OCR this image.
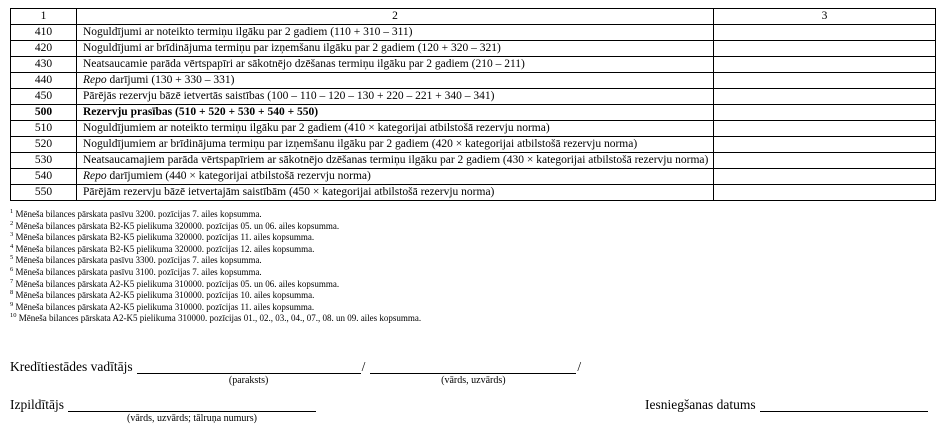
1	2	3
410	Noguldījumi ar noteikto termiņu ilgāku par 2 gadiem (110 + 310 – 311)	
420	Noguldījumi ar brīdinājuma termiņu par izņemšanu ilgāku par 2 gadiem (120 + 320 – 321)	
430	Neatsaucamie parāda vērtspapīri ar sākotnējo dzēšanas termiņu ilgāku par 2 gadiem (210 – 211)	
440	Repo darījumi (130 + 330 – 331)	
450	Pārējās rezervju bāzē ietvertās saistības (100 – 110 – 120 – 130 + 220 – 221 + 340 – 341)	
500	Rezervju prasības (510 + 520 + 530 + 540 + 550)	
510	Noguldījumiem ar noteikto termiņu ilgāku par 2 gadiem (410 × kategorijai atbilstošā rezervju norma)	
520	Noguldījumiem ar brīdinājuma termiņu par izņemšanu ilgāku par 2 gadiem (420 × kategorijai atbilstošā rezervju norma)	
530	Neatsaucamajiem parāda vērtspapīriem ar sākotnējo dzēšanas termiņu ilgāku par 2 gadiem (430 × kategorijai atbilstošā rezervju norma)	
540	Repo darījumiem (440 × kategorijai atbilstošā rezervju norma)	
550	Pārējām rezervju bāzē ietvertajām saistībām (450 × kategorijai atbilstošā rezervju norma)	
$^1$ Mēneša bilances pārskata pasīvu 3200. pozīcijas 7. ailes kopsumma.
$^2$ Mēneša bilances pārskata B2-K5 pielikuma 320000. pozīcijas 05. un 06. ailes kopsumma.
$^3$ Mēneša bilances pārskata B2-K5 pielikuma 320000. pozīcijas 11. ailes kopsumma.
$^4$ Mēneša bilances pārskata B2-K5 pielikuma 320000. pozīcijas 12. ailes kopsumma.
$^5$ Mēneša bilances pārskata pasīvu 3300. pozīcijas 7. ailes kopsumma.
$^6$ Mēneša bilances pārskata pasīvu 3100. pozīcijas 7. ailes kopsumma.
$^7$ Mēneša bilances pārskata A2-K5 pielikuma 310000. pozīcijas 05. un 06. ailes kopsumma.
$^8$ Mēneša bilances pārskata A2-K5 pielikuma 310000. pozīcijas 10. ailes kopsumma.
$^9$ Mēneša bilances pārskata A2-K5 pielikuma 310000. pozīcijas 11. ailes kopsumma.
$^{10}$ Mēneša bilances pārskata A2-K5 pielikuma 310000. pozīcijas 01., 02., 03., 04., 07., 08. un 09. ailes kopsumma.
Kredītiestādes vadītājs
(paraksts)
/
(vārds, uzvārds)
/
Izpildītājs
(vārds, uzvārds; tālruņa numurs)
Iesniegšanas datums
